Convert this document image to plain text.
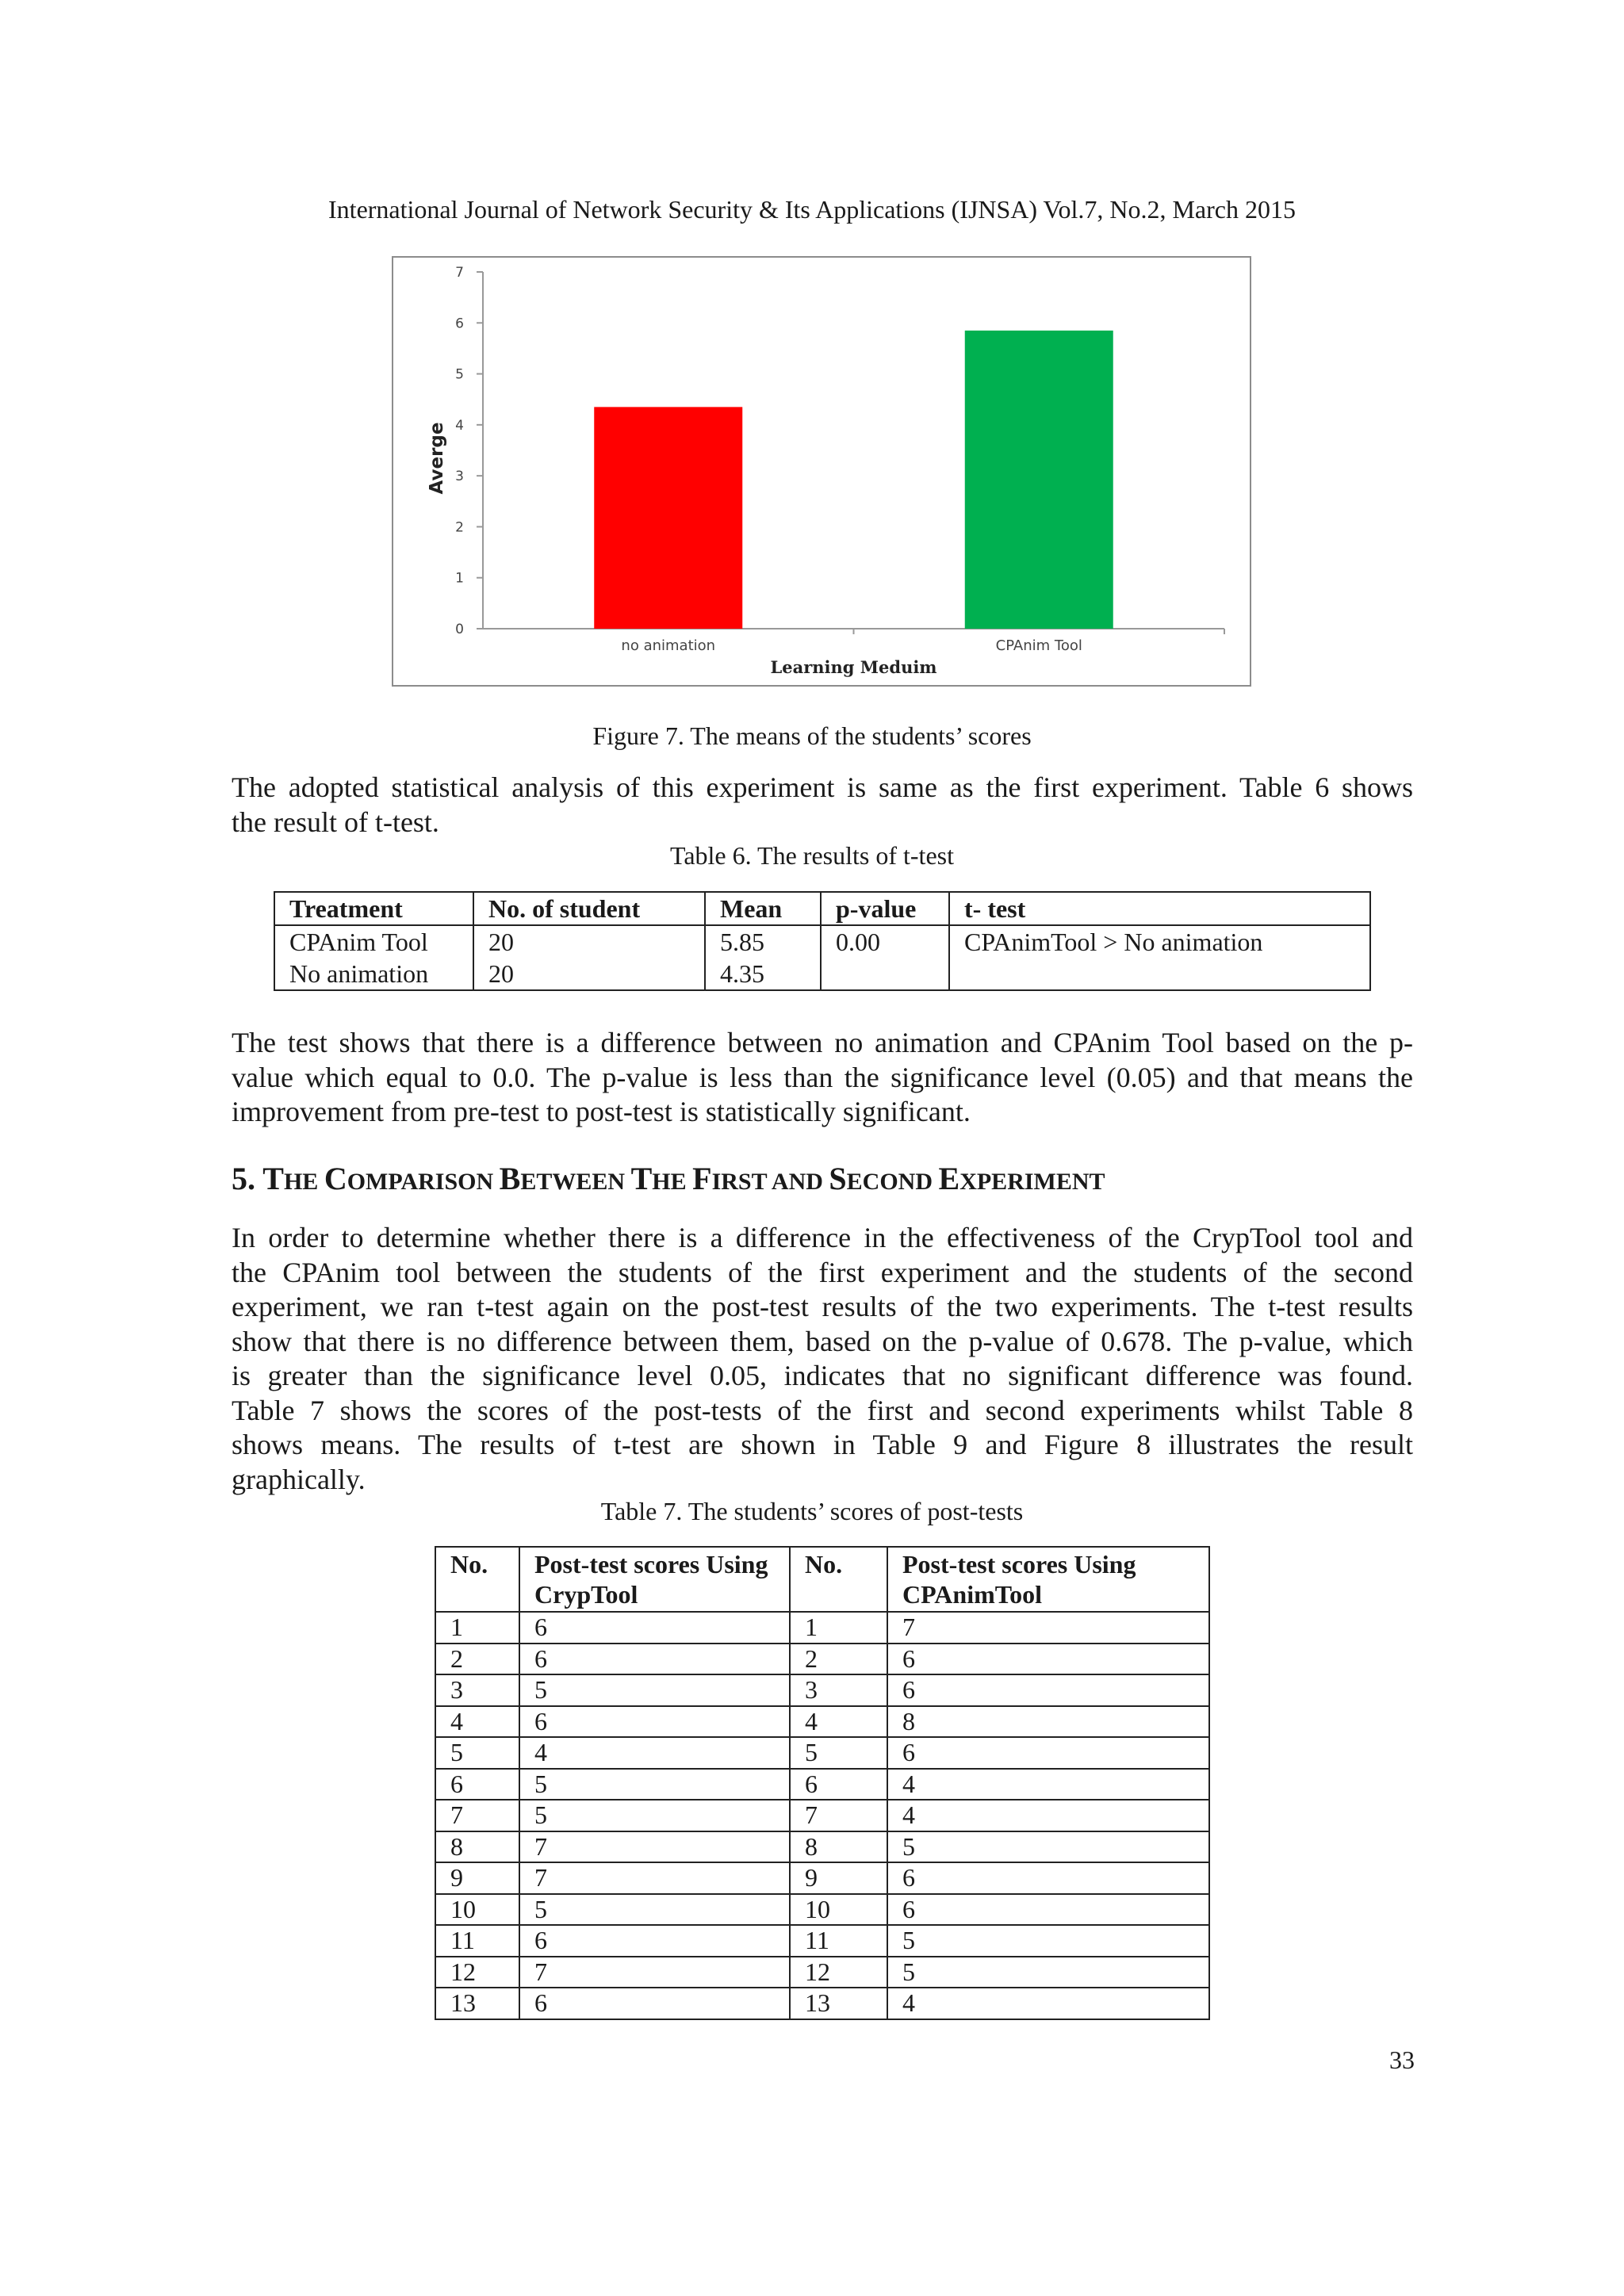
International Journal of Network Security & Its Applications (IJNSA) Vol.7, No.2, March 2015
0
1
2
3
4
5
6
7
no animation	CPAnim Tool
Learning Meduim
Averge
Figure 7. The means of the students’ scores
The adopted statistical analysis of this experiment is same as the first experiment. Table 6 shows
the result of t-test.
Table 6. The results of t-test
Treatment	No. of student	Mean	p-value	t- test
CPAnim Tool	20	5.85	0.00	CPAnimTool > No animation
No animation	20	4.35		
The test shows that there is a difference between no animation and CPAnim Tool based on the p-
value which equal to 0.0. The p-value is less than the significance level (0.05) and that means the
improvement from pre-test to post-test is statistically significant.
5. THE COMPARISON BETWEEN THE FIRST AND SECOND EXPERIMENT
In order to determine whether there is a difference in the effectiveness of the CrypTool tool and
the CPAnim tool between the students of the first experiment and the students of the second
experiment, we ran t-test again on the post-test results of the two experiments. The t-test results
show that there is no difference between them, based on the p-value of 0.678. The p-value, which
is greater than the significance level 0.05, indicates that no significant difference was found.
Table 7 shows the scores of the post-tests of the first and second experiments whilst Table 8
shows means. The results of t-test are shown in Table 9 and Figure 8 illustrates the result
graphically.
Table 7. The students’ scores of post-tests
No.	Post-test scores Using CrypTool	No.	Post-test scores Using CPAnimTool
1	6	1	7
2	6	2	6
3	5	3	6
4	6	4	8
5	4	5	6
6	5	6	4
7	5	7	4
8	7	8	5
9	7	9	6
10	5	10	6
11	6	11	5
12	7	12	5
13	6	13	4
33
